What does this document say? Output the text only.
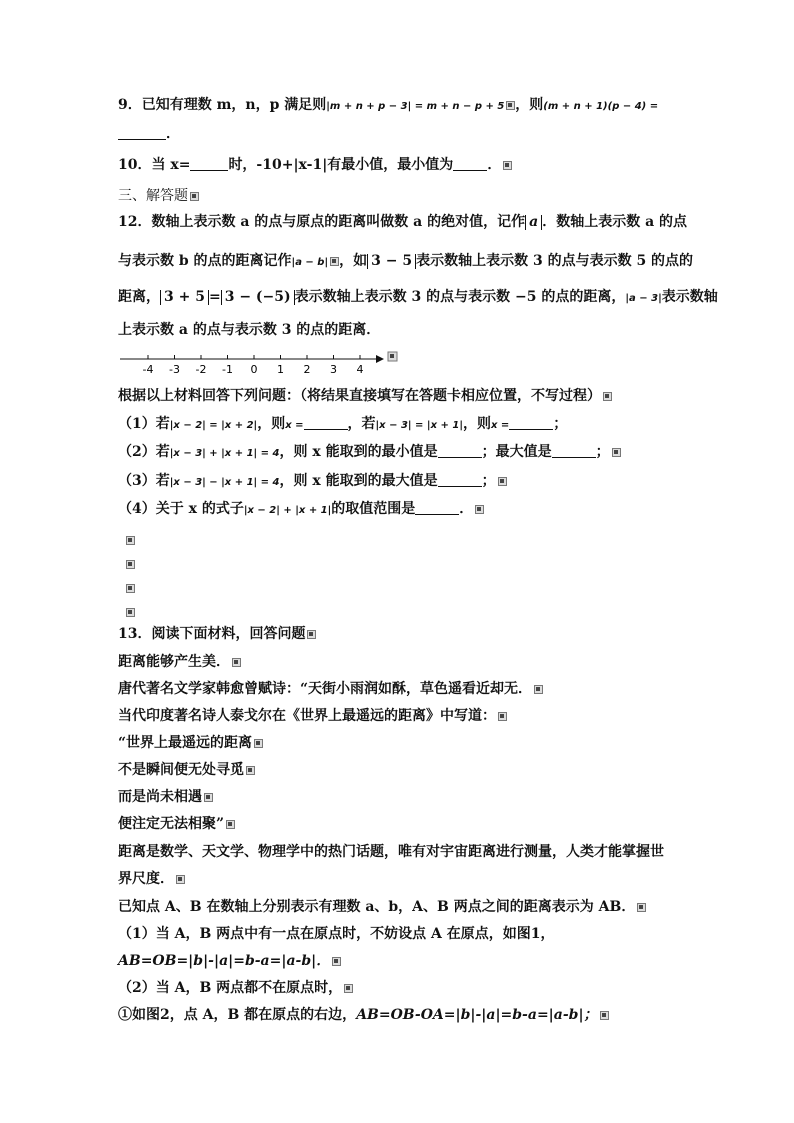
9．已知有理数 m，n，p 满足则|m + n + p − 3| = m + n − p + 5 ，则(m + n + 1)(p − 4) =
．
10．当 x=	时，-10+|x-1|有最小值，最小值为 ．
三、解答题
12．数轴上表示数 a 的点与原点的距离叫做数 a 的绝对值，记作 a ．数轴上表示数 a 的点
与表示数 b 的点的距离记作|a − b| ，如 3 − 5 表示数轴上表示数 3 的点与表示数 5 的点的
距离， 3 + 5 = 3 − (−5) 表示数轴上表示数 3 的点与表示数 −5 的点的距离，|a − 3|表示数轴
上表示数 a 的点与表示数 3 的点的距离．
-4 -3 -2 -1 0 1 2 3 4
根据以上材料回答下列问题：（将结果直接填写在答题卡相应位置，不写过程）
（1）若|x − 2| = |x + 2|，则x =	，若|x − 3| = |x + 1|，则x =	；
（2）若|x − 3| + |x + 1| = 4，则 x 能取到的最小值是	；最大值是	；
（3）若|x − 3| − |x + 1| = 4，则 x 能取到的最大值是	；
（4）关于 x 的式子|x − 2| + |x + 1|的取值范围是	．
13．阅读下面材料，回答问题
距离能够产生美．
唐代著名文学家韩愈曾赋诗：“天街小雨润如酥，草色遥看近却无．
当代印度著名诗人泰戈尔在《世界上最遥远的距离》中写道：
“世界上最遥远的距离
不是瞬间便无处寻觅
而是尚未相遇
便注定无法相聚”
距离是数学、天文学、物理学中的热门话题，唯有对宇宙距离进行测量，人类才能掌握世
界尺度．
已知点 A、B 在数轴上分别表示有理数 a、b，A、B 两点之间的距离表示为 AB．
（1）当 A，B 两点中有一点在原点时，不妨设点 A 在原点，如图1，
AB=OB=|b|-|a|=b-a=|a-b|．
（2）当 A，B 两点都不在原点时，
①如图2，点 A，B 都在原点的右边，AB=OB-OA=|b|-|a|=b-a=|a-b|；
